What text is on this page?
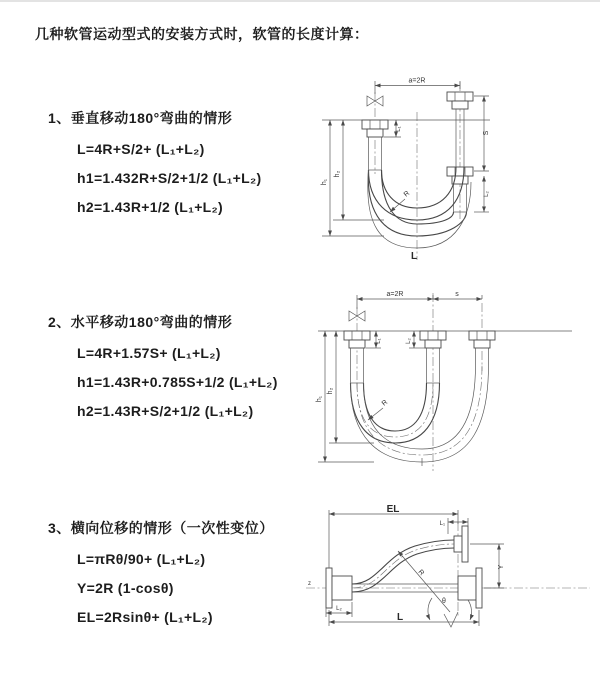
几种软管运动型式的安装方式时，软管的长度计算：
1、垂直移动180°弯曲的情形
L=4R+S/2+ (L₁+L₂)
h1=1.432R+S/2+1/2 (L₁+L₂)
h2=1.43R+1/2 (L₁+L₂)
2、水平移动180°弯曲的情形
L=4R+1.57S+ (L₁+L₂)
h1=1.43R+0.785S+1/2 (L₁+L₂)
h2=1.43R+S/2+1/2 (L₁+L₂)
3、横向位移的情形（一次性变位）
L=πRθ/90+ (L₁+L₂)
Y=2R (1-cosθ)
EL=2Rsinθ+ (L₁+L₂)
a=2R
h₁
h₂
L₁
S
L₂
R
L
a=2R	s
h₁
h₂
L₁	L₂
R
z
EL
L₁
Y
L
L₂
R
θ
